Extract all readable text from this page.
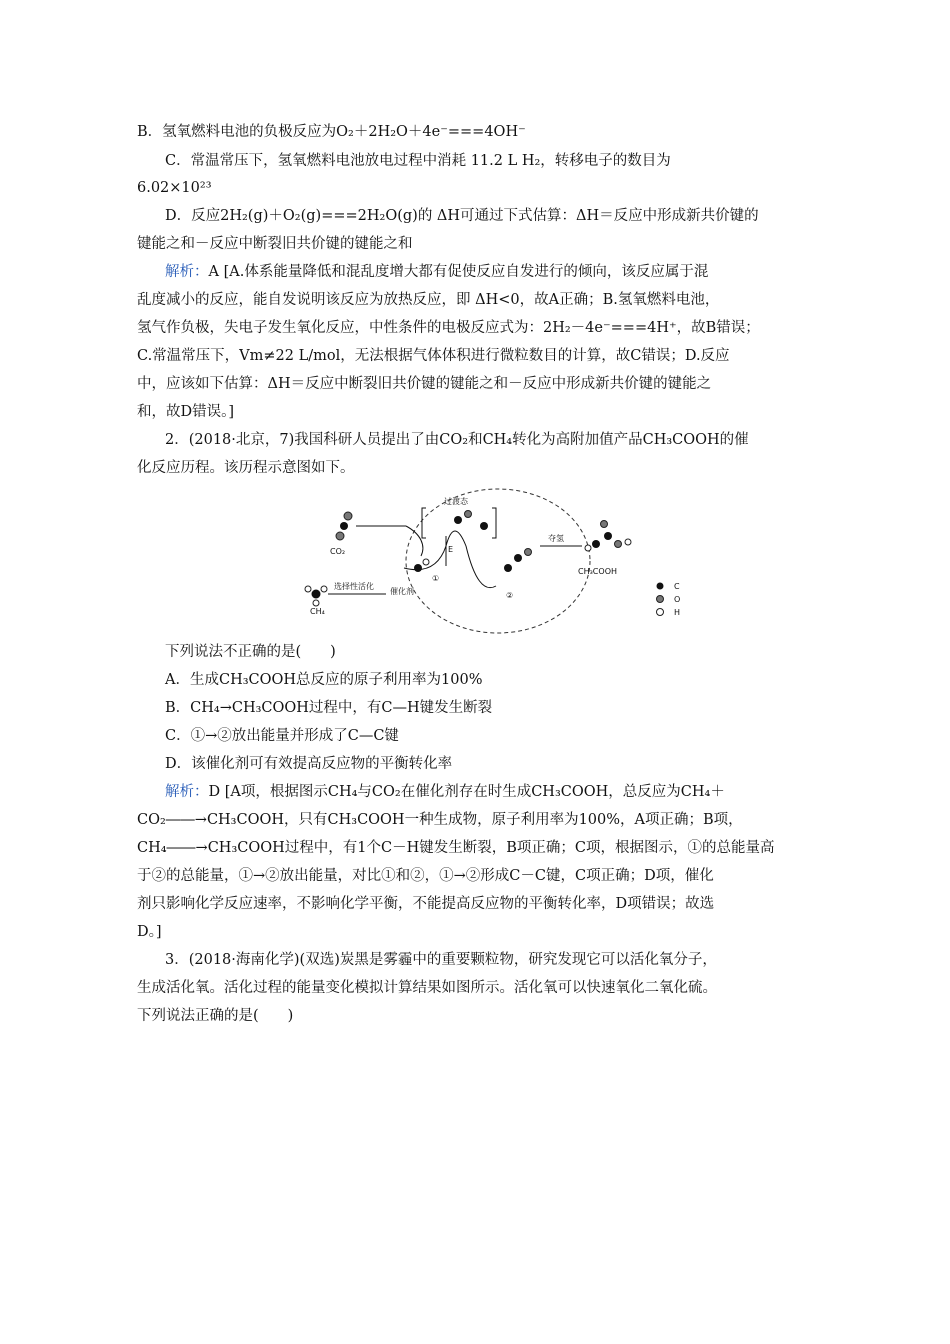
B．氢氧燃料电池的负极反应为O₂＋2H₂O＋4e⁻===4OH⁻
C．常温常压下，氢氧燃料电池放电过程中消耗 11.2 L H₂，转移电子的数目为
6.02×10²³
D．反应2H₂(g)＋O₂(g)===2H₂O(g)的 ΔH可通过下式估算：ΔH＝反应中形成新共价键的
键能之和－反应中断裂旧共价键的键能之和
解析：A [A.体系能量降低和混乱度增大都有促使反应自发进行的倾向，该反应属于混
乱度减小的反应，能自发说明该反应为放热反应，即 ΔH<0，故A正确；B.氢氧燃料电池，
氢气作负极，失电子发生氧化反应，中性条件的电极反应式为：2H₂－4e⁻===4H⁺，故B错误；
C.常温常压下，Vm≠22 L/mol，无法根据气体体积进行微粒数目的计算，故C错误；D.反应
中，应该如下估算：ΔH＝反应中断裂旧共价键的键能之和－反应中形成新共价键的键能之
和，故D错误。]
2．(2018·北京，7)我国科研人员提出了由CO₂和CH₄转化为高附加值产品CH₃COOH的催
化反应历程。该历程示意图如下。
CO₂
CH₄
选择性活化
催化剂
E
过渡态
①
②
夺氢
CH₃COOH
C
O
H
下列说法不正确的是(　　)
A．生成CH₃COOH总反应的原子利用率为100%
B．CH₄→CH₃COOH过程中，有C—H键发生断裂
C．①→②放出能量并形成了C—C键
D．该催化剂可有效提高反应物的平衡转化率
解析：D [A项，根据图示CH₄与CO₂在催化剂存在时生成CH₃COOH，总反应为CH₄＋
CO₂――→CH₃COOH，只有CH₃COOH一种生成物，原子利用率为100%，A项正确；B项，
CH₄――→CH₃COOH过程中，有1个C－H键发生断裂，B项正确；C项，根据图示，①的总能量高
于②的总能量，①→②放出能量，对比①和②，①→②形成C－C键，C项正确；D项，催化
剂只影响化学反应速率，不影响化学平衡，不能提高反应物的平衡转化率，D项错误；故选
D。]
3．(2018·海南化学)(双选)炭黑是雾霾中的重要颗粒物，研究发现它可以活化氧分子，
生成活化氧。活化过程的能量变化模拟计算结果如图所示。活化氧可以快速氧化二氧化硫。
下列说法正确的是(　　)
